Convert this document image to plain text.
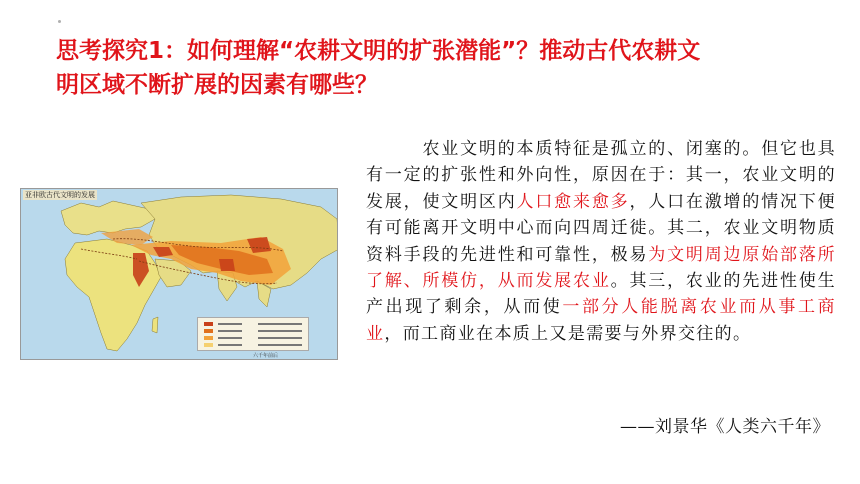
思考探究1：如何理解“农耕文明的扩张潜能”？推动古代农耕文

明区域不断扩展的因素有哪些？
亚非欧古代文明的发展
六千年前后
农业文明的本质特征是孤立的、闭塞的。但它也具有一定的扩张性和外向性，原因在于：其一，农业文明的发展，使文明区内人口愈来愈多，人口在激增的情况下便有可能离开文明中心而向四周迁徙。其二，农业文明物质资料手段的先进性和可靠性，极易为文明周边原始部落所了解、所模仿，从而发展农业。其三，农业的先进性使生产出现了剩余，从而使一部分人能脱离农业而从事工商业，而工商业在本质上又是需要与外界交往的。
——刘景华《人类六千年》
